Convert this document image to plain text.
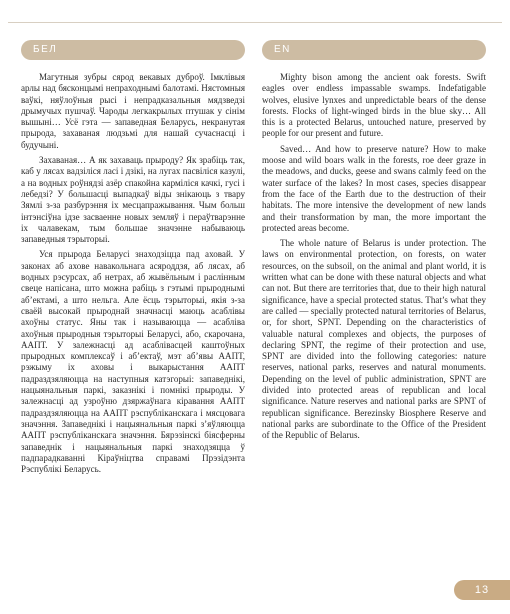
БЕЛ

Магутныя зубры сярод векавых дуброў. Імклівыя арлы над бясконцымі непраходнымі балотамі. Нястомныя ваўкі, няўлоўныя рысі і непрадказальныя мядзведзі дрымучых пушчаў. Чароды легкакрылых птушак у сінім вышыні… Усё гэта — запаведная Беларусь, некранутая прырода, захаваная людзьмі для нашай сучаснасці і будучыні.

Захаваная… А як захаваць прыроду? Як зрабіць так, каб у лясах вадзіліся ласі і дзікі, на лугах пасвіліся казулі, а на водных роўнядзі азёр спакойна карміліся качкі, гусі і лебедзі? У большасці выпадкаў віды знікаюць з твару Зямлі з-за разбурэння іх месцапражывання. Чым больш інтэнсіўна ідзе засваенне новых земляў і пераўтварэнне іх чалавекам, тым большае значэнне набываюць запаведныя тэрыторыі.

Уся прырода Беларусі знаходзіцца пад аховай. У законах аб ахове навакольнага асяроддзя, аб лясах, аб водных рэсурсах, аб нетрах, аб жывёльным і раслінным свеце напісана, што можна рабіць з гэтымі прыроднымі аб’ектамі, а што нельга. Але ёсць тэрыторыі, якія з-за сваёй высокай прыроднай значнасці маюць асаблівы ахоўны статус. Яны так і называюцца — асабліва ахоўныя прыродныя тэрыторыі Беларусі, або, скарочана, ААПТ. У залежнасці ад асаблівасцей каштоўных прыродных комплексаў і аб’ектаў, мэт аб’явы ААПТ, рэжыму іх аховы і выкарыстання ААПТ падраздзяляюцца на наступныя катэгорыі: запаведнікі, нацыянальныя паркі, заказнікі і помнікі прыроды. У залежнасці ад узроўню дзяржаўнага кіравання ААПТ падраздзяляюцца на ААПТ рэспубліканскага і мясцовага значэння. Запаведнікі і нацыянальныя паркі з’яўляюцца ААПТ рэспубліканскага значэння. Бярэзінскі біясферны запаведнік і нацыянальныя паркі знаходзяцца ў падпарадкаванні Кіраўніцтва справамі Прэзідэнта Рэспублікі Беларусь.

EN

Mighty bison among the ancient oak forests. Swift eagles over endless impassable swamps. Indefatigable wolves, elusive lynxes and unpredictable bears of the dense forests. Flocks of light-winged birds in the blue sky… All this is a protected Belarus, untouched nature, preserved by people for our present and future.

Saved… And how to preserve nature? How to make moose and wild boars walk in the forests, roe deer graze in the meadows, and ducks, geese and swans calmly feed on the water surface of the lakes? In most cases, species disappear from the face of the Earth due to the destruction of their habitats. The more intensive the development of new lands and their transformation by man, the more important the protected areas become.

The whole nature of Belarus is under protection. The laws on environmental protection, on forests, on water resources, on the subsoil, on the animal and plant world, it is written what can be done with these natural objects and what can not. But there are territories that, due to their high natural significance, have a special protected status. That’s what they are called — specially protected natural territories of Belarus, or, for short, SPNT. Depending on the characteristics of valuable natural complexes and objects, the purposes of declaring SPNT, the regime of their protection and use, SPNT are divided into the following categories: nature reserves, national parks, reserves and natural monuments. Depending on the level of public administration, SPNT are divided into protected areas of republican and local significance. Nature reserves and national parks are SPNT of republican significance. Berezinsky Biosphere Reserve and national parks are subordinate to the Office of the President of the Republic of Belarus.

13
